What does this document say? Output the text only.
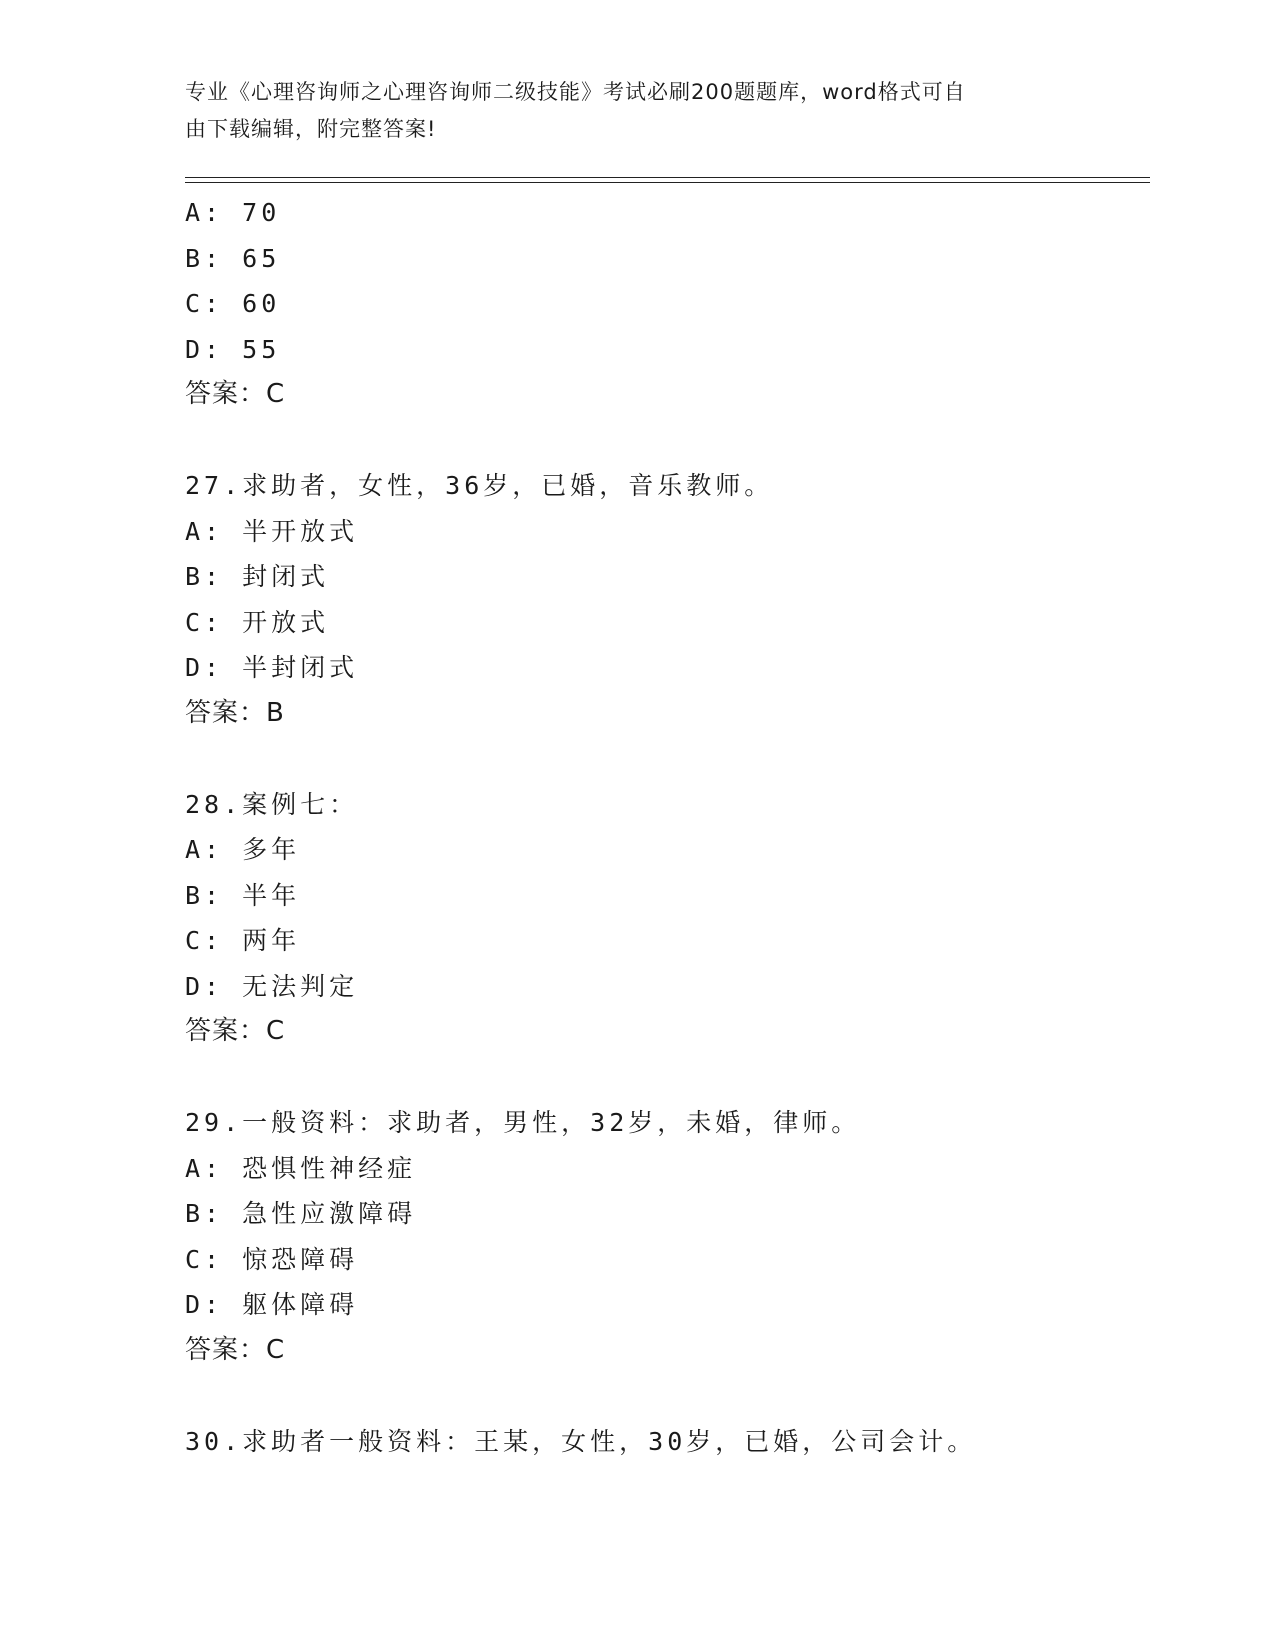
专业《心理咨询师之心理咨询师二级技能》考试必刷200题题库，word格式可自
由下载编辑，附完整答案!
A: 70
B: 65
C: 60
D: 55
答案：C
27.求助者，女性，36岁，已婚，音乐教师。
A: 半开放式
B: 封闭式
C: 开放式
D: 半封闭式
答案：B
28.案例七：
A: 多年
B: 半年
C: 两年
D: 无法判定
答案：C
29.一般资料：求助者，男性，32岁，未婚，律师。
A: 恐惧性神经症
B: 急性应激障碍
C: 惊恐障碍
D: 躯体障碍
答案：C
30.求助者一般资料：王某，女性，30岁，已婚，公司会计。
